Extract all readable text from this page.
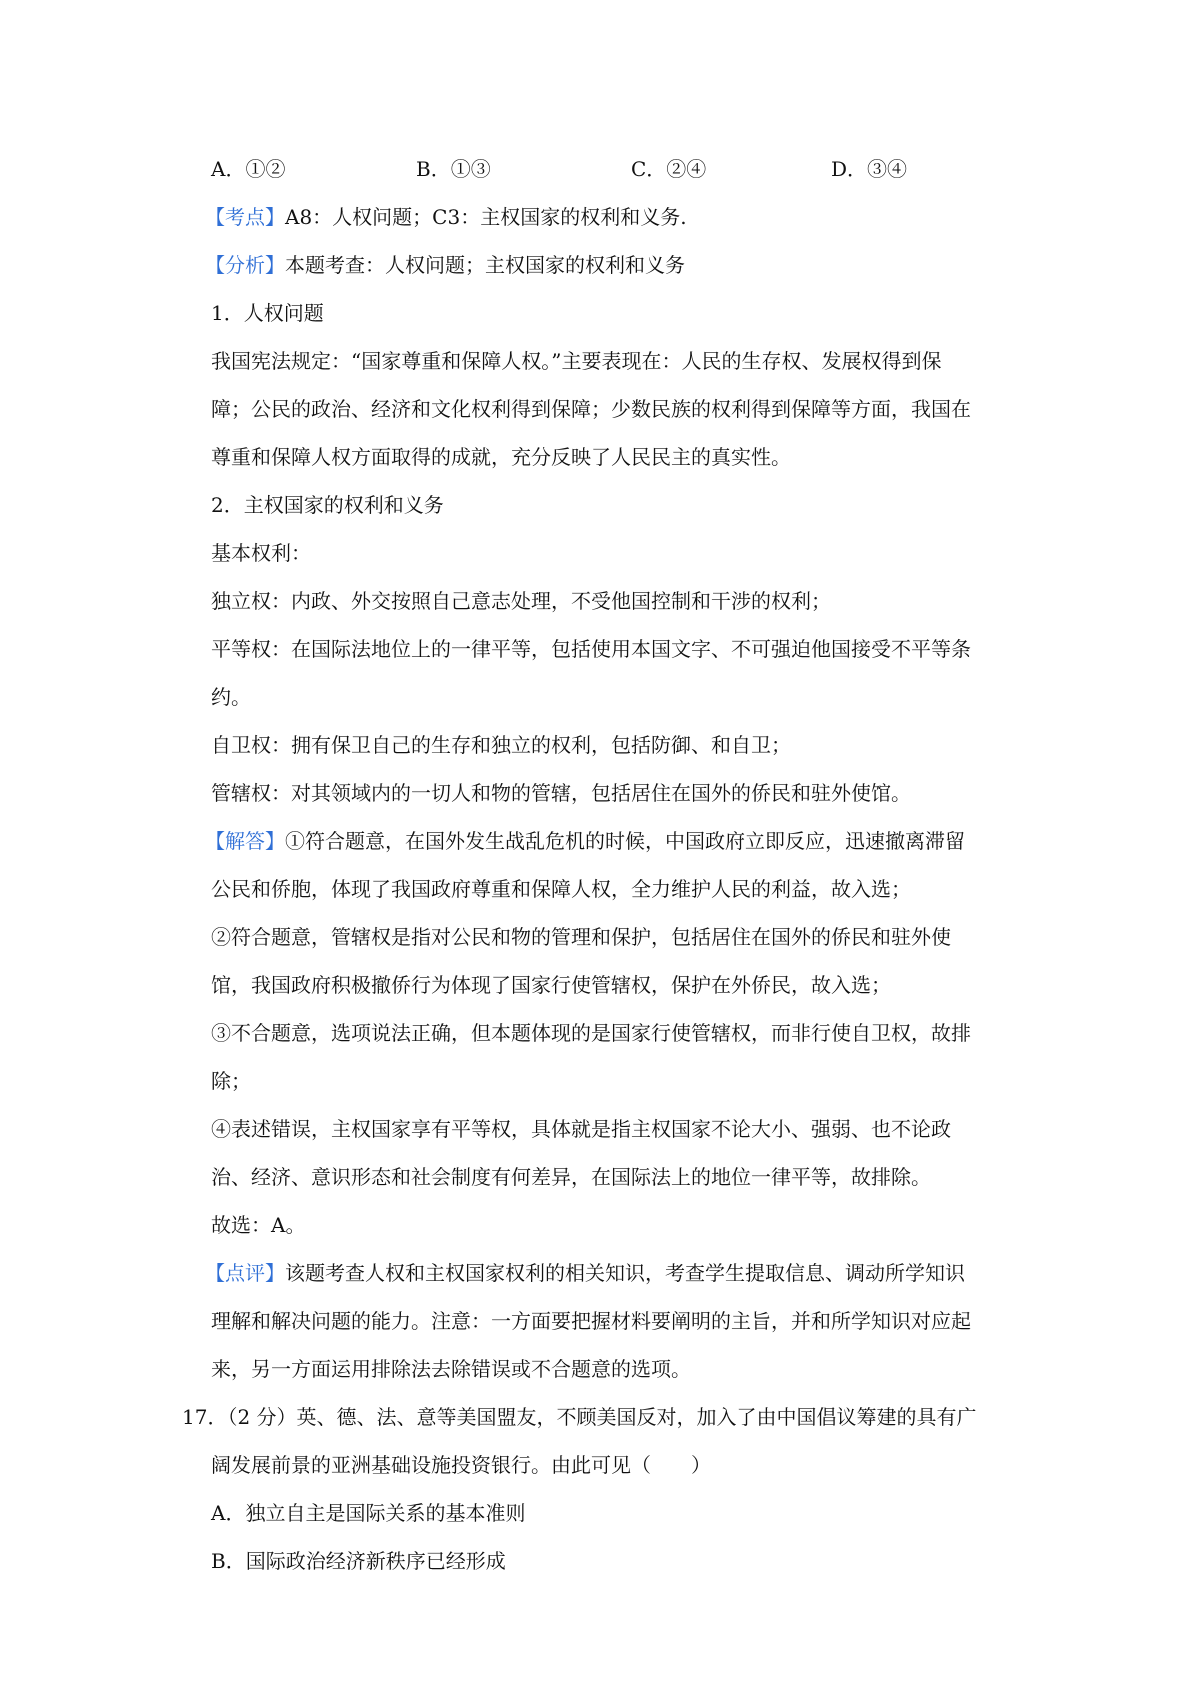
A．①②	B．①③	C．②④	D．③④
【考点】A8：人权问题；C3：主权国家的权利和义务.
【分析】本题考查：人权问题；主权国家的权利和义务
1．人权问题
我国宪法规定：“国家尊重和保障人权。”主要表现在：人民的生存权、发展权得到保
障；公民的政治、经济和文化权利得到保障；少数民族的权利得到保障等方面，我国在
尊重和保障人权方面取得的成就，充分反映了人民民主的真实性。
2．主权国家的权利和义务
基本权利：
独立权：内政、外交按照自己意志处理，不受他国控制和干涉的权利；
平等权：在国际法地位上的一律平等，包括使用本国文字、不可强迫他国接受不平等条
约。
自卫权：拥有保卫自己的生存和独立的权利，包括防御、和自卫；
管辖权：对其领域内的一切人和物的管辖，包括居住在国外的侨民和驻外使馆。
【解答】①符合题意，在国外发生战乱危机的时候，中国政府立即反应，迅速撤离滞留
公民和侨胞，体现了我国政府尊重和保障人权，全力维护人民的利益，故入选；
②符合题意，管辖权是指对公民和物的管理和保护，包括居住在国外的侨民和驻外使
馆，我国政府积极撤侨行为体现了国家行使管辖权，保护在外侨民，故入选；
③不合题意，选项说法正确，但本题体现的是国家行使管辖权，而非行使自卫权，故排
除；
④表述错误，主权国家享有平等权，具体就是指主权国家不论大小、强弱、也不论政
治、经济、意识形态和社会制度有何差异，在国际法上的地位一律平等，故排除。
故选：A。
【点评】该题考查人权和主权国家权利的相关知识，考查学生提取信息、调动所学知识
理解和解决问题的能力。注意：一方面要把握材料要阐明的主旨，并和所学知识对应起
来，另一方面运用排除法去除错误或不合题意的选项。
17．（2 分）英、德、法、意等美国盟友，不顾美国反对，加入了由中国倡议筹建的具有广
阔发展前景的亚洲基础设施投资银行。由此可见（　　）
A．独立自主是国际关系的基本准则
B．国际政治经济新秩序已经形成
